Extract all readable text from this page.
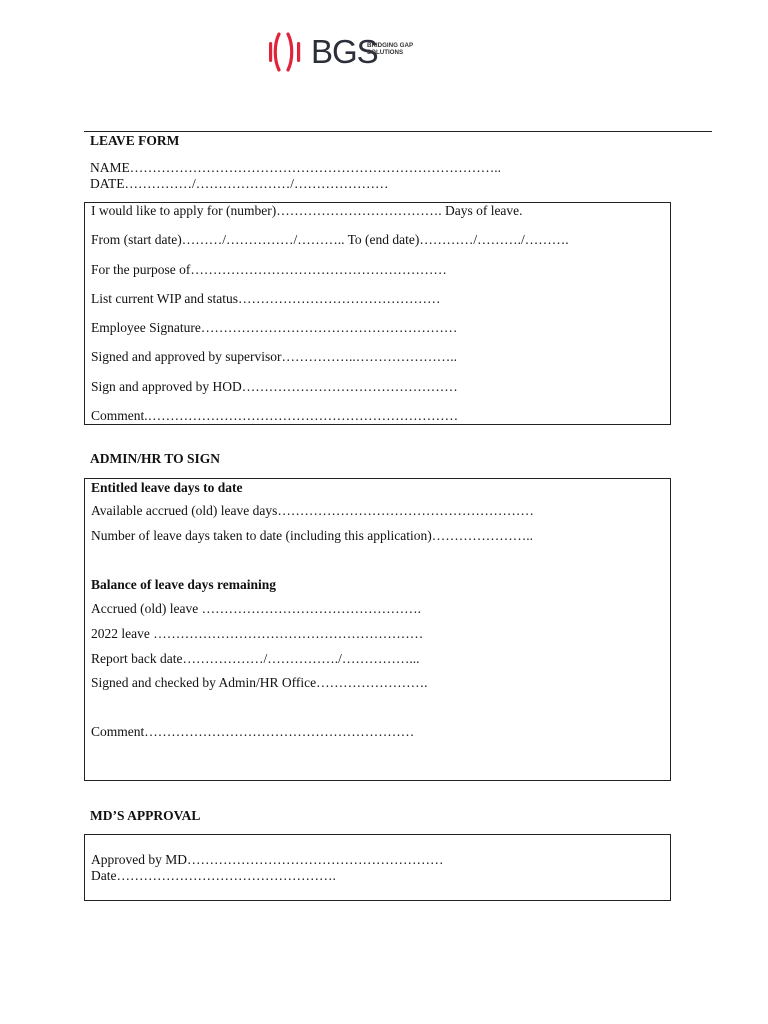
BGS
BRIDGING GAP
SOLUTIONS
LEAVE FORM
NAME………………………………………………………………………..
DATE……………/…………………/…………………
I would like to apply for (number)………………………………. Days of leave.
From (start date)………/……………/……….. To (end date)…………/………./……….
For the purpose of…………………………………………………
List current WIP and status………………………………………
Employee Signature…………………………………………………
Signed and approved by supervisor……………..…………………..
Sign and approved by HOD…………………………………………
Comment.……………………………………………………………
ADMIN/HR TO SIGN
Entitled leave days to date
Available accrued (old) leave days…………………………………………………
Number of leave days taken to date (including this application)…………………..
Balance of leave days remaining
Accrued (old) leave ………………………………………….
2022 leave ……………………………………………………
Report back date………………/……………./……………...
Signed and checked by Admin/HR Office…………………….
Comment……………………………………………………
MD’S APPROVAL
Approved by MD…………………………………………………
Date………………………………………….
